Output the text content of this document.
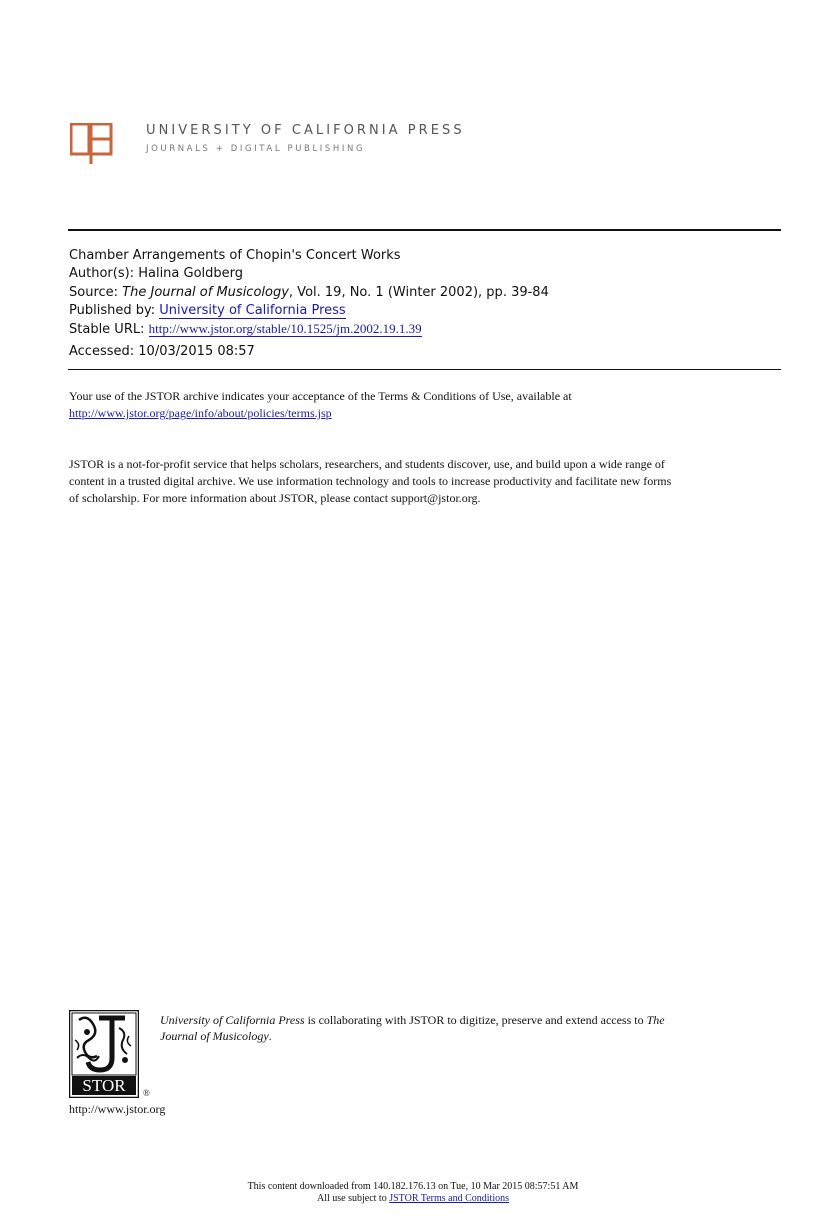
UNIVERSITY OF CALIFORNIA PRESS
JOURNALS + DIGITAL PUBLISHING
Chamber Arrangements of Chopin's Concert Works
Author(s): Halina Goldberg
Source: The Journal of Musicology, Vol. 19, No. 1 (Winter 2002), pp. 39-84
Published by: University of California Press
Stable URL: http://www.jstor.org/stable/10.1525/jm.2002.19.1.39
Accessed: 10/03/2015 08:57
Your use of the JSTOR archive indicates your acceptance of the Terms & Conditions of Use, available at
http://www.jstor.org/page/info/about/policies/terms.jsp
JSTOR is a not-for-profit service that helps scholars, researchers, and students discover, use, and build upon a wide range of
content in a trusted digital archive. We use information technology and tools to increase productivity and facilitate new forms
of scholarship. For more information about JSTOR, please contact support@jstor.org.
STOR ®
University of California Press is collaborating with JSTOR to digitize, preserve and extend access to The
Journal of Musicology.
http://www.jstor.org
This content downloaded from 140.182.176.13 on Tue, 10 Mar 2015 08:57:51 AM
All use subject to JSTOR Terms and Conditions
